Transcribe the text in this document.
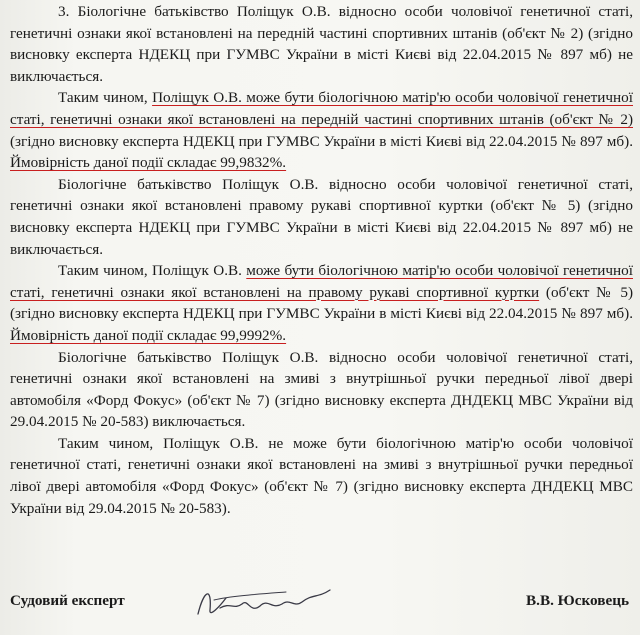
3. Біологічне батьківство Поліщук О.В. відносно особи чоловічої генетичної статі, генетичні ознаки якої встановлені на передній частині спортивних штанів (об'єкт № 2) (згідно висновку експерта НДЕКЦ при ГУМВС України в місті Києві від 22.04.2015 № 897 мб) не виключається.

Таким чином, Поліщук О.В. може бути біологічною матір'ю особи чоловічої генетичної статі, генетичні ознаки якої встановлені на передній частині спортивних штанів (об'єкт № 2) (згідно висновку експерта НДЕКЦ при ГУМВС України в місті Києві від 22.04.2015 № 897 мб). Ймовірність даної події складає 99,9832%.

Біологічне батьківство Поліщук О.В. відносно особи чоловічої генетичної статі, генетичні ознаки якої встановлені правому рукаві спортивної куртки (об'єкт № 5) (згідно висновку експерта НДЕКЦ при ГУМВС України в місті Києві від 22.04.2015 № 897 мб) не виключається.

Таким чином, Поліщук О.В. може бути біологічною матір'ю особи чоловічої генетичної статі, генетичні ознаки якої встановлені на правому рукаві спортивної куртки (об'єкт № 5) (згідно висновку експерта НДЕКЦ при ГУМВС України в місті Києві від 22.04.2015 № 897 мб). Ймовірність даної події складає 99,9992%.

Біологічне батьківство Поліщук О.В. відносно особи чоловічої генетичної статі, генетичні ознаки якої встановлені на змиві з внутрішньої ручки передньої лівої двері автомобіля «Форд Фокус» (об'єкт № 7) (згідно висновку експерта ДНДЕКЦ МВС України від 29.04.2015 № 20-583) виключається.

Таким чином, Поліщук О.В. не може бути біологічною матір'ю особи чоловічої генетичної статі, генетичні ознаки якої встановлені на змиві з внутрішньої ручки передньої лівої двері автомобіля «Форд Фокус» (об'єкт № 7) (згідно висновку експерта ДНДЕКЦ МВС України від 29.04.2015 № 20-583).

Судовий експерт	В.В. Юсковець
